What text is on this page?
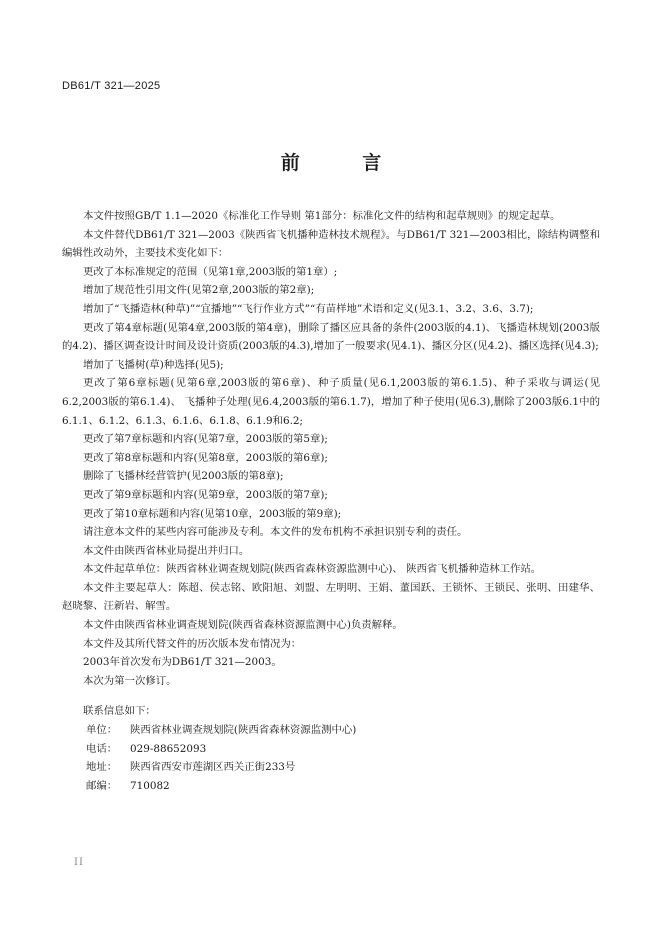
DB61/T 321—2025
前 言

本文件按照GB/T 1.1—2020《标准化工作导则 第1部分：标准化文件的结构和起草规则》的规定起草。

本文件替代DB61/T 321—2003《陕西省飞机播种造林技术规程》。与DB61/T 321—2003相比，除结构调整和编辑性改动外，主要技术变化如下：

更改了本标准规定的范围（见第1章,2003版的第1章）;

增加了规范性引用文件(见第2章,2003版的第2章);

增加了“飞播造林(种草)”“宜播地”“飞行作业方式”“有苗样地”术语和定义(见3.1、3.2、3.6、3.7);

更改了第4章标题(见第4章,2003版的第4章)，删除了播区应具备的条件(2003版的4.1)、飞播造林规划(2003版的4.2)、播区调查设计时间及设计资质(2003版的4.3),增加了一般要求(见4.1)、播区分区(见4.2)、播区选择(见4.3);

增加了飞播树(草)种选择(见5);

更改了第6章标题(见第6章,2003版的第6章)、种子质量(见6.1,2003版的第6.1.5)、种子采收与调运(见6.2,2003版的第6.1.4)、 飞播种子处理(见6.4,2003版的第6.1.7)，增加了种子使用(见6.3),删除了2003版6.1中的6.1.1、6.1.2、6.1.3、6.1.6、6.1.8、6.1.9和6.2;

更改了第7章标题和内容(见第7章，2003版的第5章);

更改了第8章标题和内容(见第8章，2003版的第6章);

删除了飞播林经营管护(见2003版的第8章);

更改了第9章标题和内容(见第9章，2003版的第7章);

更改了第10章标题和内容(见第10章，2003版的第9章);

请注意本文件的某些内容可能涉及专利。本文件的发布机构不承担识别专利的责任。

本文件由陕西省林业局提出并归口。

本文件起草单位：陕西省林业调查规划院(陕西省森林资源监测中心)、 陕西省飞机播种造林工作站。

本文件主要起草人：陈超、侯志铭、欧阳旭、刘盟、左明明、王娟、董国跃、王锁怀、王锁民、张明、田建华、赵晓黎、汪新岩、解雪。

本文件由陕西省林业调查规划院(陕西省森林资源监测中心)负责解释。

本文件及其所代替文件的历次版本发布情况为：

2003年首次发布为DB61/T 321—2003。

本次为第一次修订。

联系信息如下：

单位：	陕西省林业调查规划院(陕西省森林资源监测中心)
电话：	029-88652093
地址：	陕西省西安市莲湖区西关正街233号
邮编：	710082
II
